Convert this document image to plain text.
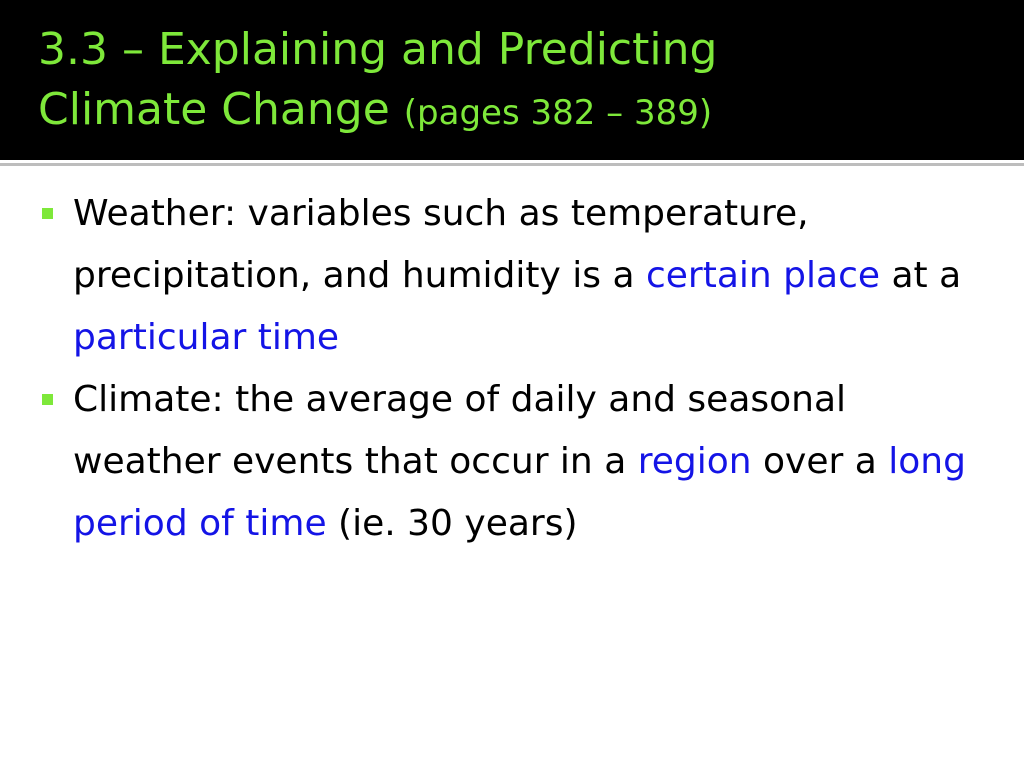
3.3 – Explaining and Predicting
Climate Change (pages 382 – 389)
Weather: variables such as temperature, precipitation, and humidity is a certain place at a particular time
Climate: the average of daily and seasonal weather events that occur in a region over a long period of time (ie. 30 years)
